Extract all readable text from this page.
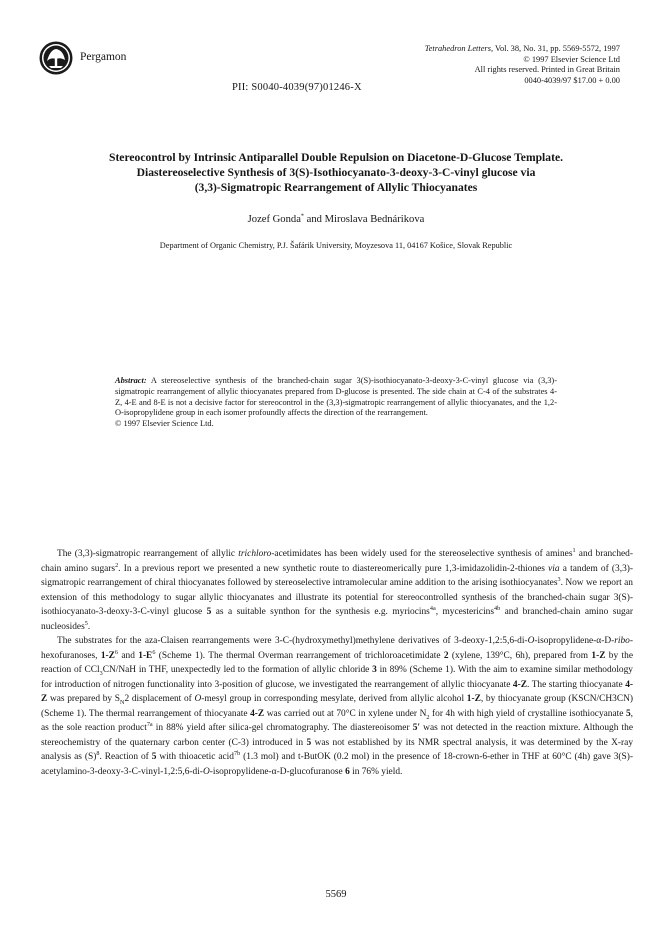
Pergamon
Tetrahedron Letters, Vol. 38, No. 31, pp. 5569-5572, 1997
© 1997 Elsevier Science Ltd
All rights reserved. Printed in Great Britain
0040-4039/97 $17.00 + 0.00
PII: S0040-4039(97)01246-X
Stereocontrol by Intrinsic Antiparallel Double Repulsion on Diacetone-D-Glucose Template.
Diastereoselective Synthesis of 3(S)-Isothiocyanato-3-deoxy-3-C-vinyl glucose via
(3,3)-Sigmatropic Rearrangement of Allylic Thiocyanates
Jozef Gonda* and Miroslava Bednárikova
Department of Organic Chemistry, P.J. Šafárik University, Moyzesova 11, 04167 Košice, Slovak Republic
Abstract: A stereoselective synthesis of the branched-chain sugar 3(S)-isothiocyanato-3-deoxy-3-C-vinyl glucose via (3,3)-sigmatropic rearrangement of allylic thiocyanates prepared from D-glucose is presented. The side chain at C-4 of the substrates 4-Z, 4-E and 8-E is not a decisive factor for stereocontrol in the (3,3)-sigmatropic rearrangement of allylic thiocyanates, and the 1,2-O-isopropylidene group in each isomer profoundly affects the direction of the rearrangement.
© 1997 Elsevier Science Ltd.

The (3,3)-sigmatropic rearrangement of allylic trichloro-acetimidates has been widely used for the stereoselective synthesis of amines$^1$ and branched-chain amino sugars$^2$. In a previous report we presented a new synthetic route to diastereomerically pure 1,3-imidazolidin-2-thiones via a tandem of (3,3)-sigmatropic rearrangement of chiral thiocyanates followed by stereoselective intramolecular amine addition to the arising isothiocyanates$^3$. Now we report an extension of this methodology to sugar allylic thiocyanates and illustrate its potential for stereocontrolled synthesis of the branched-chain sugar 3(S)-isothiocyanato-3-deoxy-3-C-vinyl glucose 5 as a suitable synthon for the synthesis e.g. myriocins$^{4a}$, mycestericins$^{4b}$ and branched-chain amino sugar nucleosides$^5$.

The substrates for the aza-Claisen rearrangements were 3-C-(hydroxymethyl)methylene derivatives of 3-deoxy-1,2:5,6-di-O-isopropylidene-α-D-ribo-hexofuranoses, $1-Z^6$ and $1-E^6$ (Scheme 1). The thermal Overman rearrangement of trichloroacetimidate 2 (xylene, 139°C, 6h), prepared from 1-Z by the reaction of CCl$_3$CN/NaH in THF, unexpectedly led to the formation of allylic chloride 3 in 89% (Scheme 1). With the aim to examine similar methodology for introduction of nitrogen functionality into 3-position of glucose, we investigated the rearrangement of allylic thiocyanate 4-Z. The starting thiocyanate 4-Z was prepared by $S_N2$ displacement of O-mesyl group in corresponding mesylate, derived from allylic alcohol 1-Z, by thiocyanate group (KSCN/CH3CN) (Scheme 1). The thermal rearrangement of thiocyanate 4-Z was carried out at 70°C in xylene under $N_2$ for 4h with high yield of crystalline isothiocyanate 5, as the sole reaction product$^{7a}$ in 88% yield after silica-gel chromatography. The diastereoisomer 5' was not detected in the reaction mixture. Although the stereochemistry of the quaternary carbon center (C-3) introduced in 5 was not established by its NMR spectral analysis, it was determined by the X-ray analysis as $(S)^8$. Reaction of 5 with thioacetic acid$^{7b}$ (1.3 mol) and t-ButOK (0.2 mol) in the presence of 18-crown-6-ether in THF at 60°C (4h) gave 3(S)-acetylamino-3-deoxy-3-C-vinyl-1,2:5,6-di-O-isopropylidene-α-D-glucofuranose 6 in 76% yield.

5569
